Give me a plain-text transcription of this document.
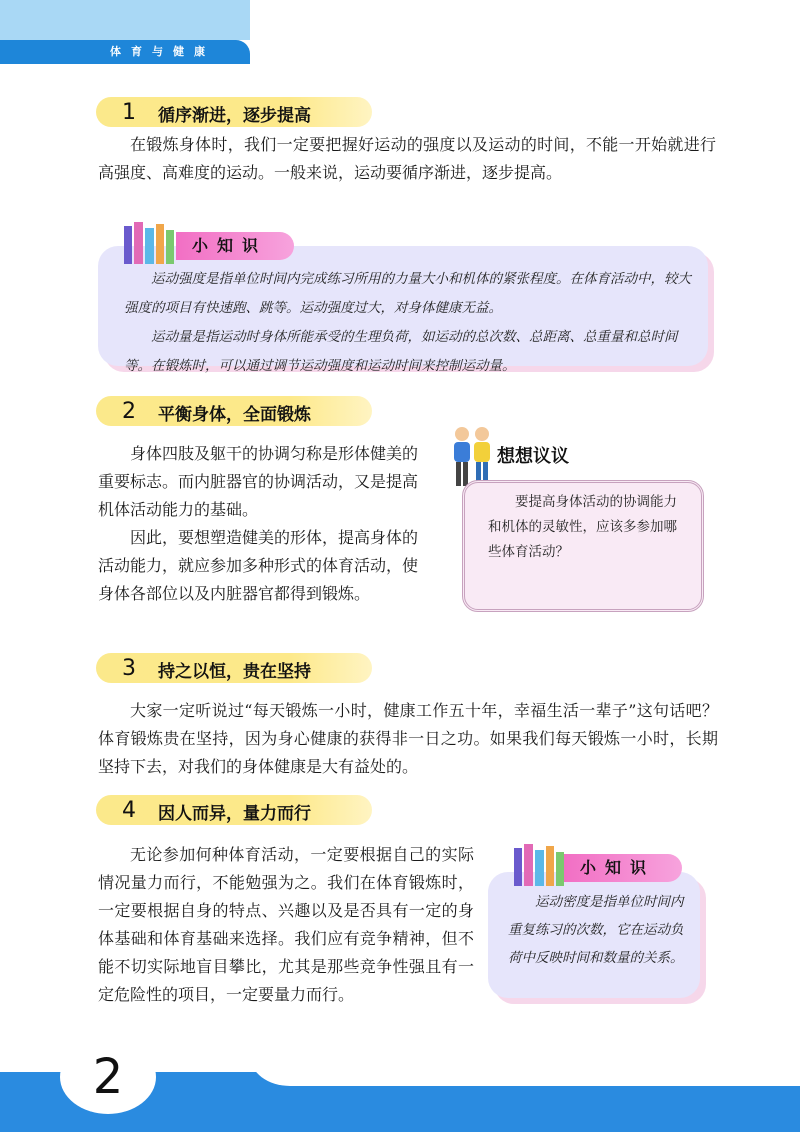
体育与健康
1 循序渐进，逐步提高

在锻炼身体时，我们一定要把握好运动的强度以及运动的时间，不能一开始就进行高强度、高难度的运动。一般来说，运动要循序渐进，逐步提高。

小知识

运动强度是指单位时间内完成练习所用的力量大小和机体的紧张程度。在体育活动中，较大强度的项目有快速跑、跳等。运动强度过大，对身体健康无益。

运动量是指运动时身体所能承受的生理负荷，如运动的总次数、总距离、总重量和总时间等。在锻炼时，可以通过调节运动强度和运动时间来控制运动量。

2 平衡身体，全面锻炼

身体四肢及躯干的协调匀称是形体健美的重要标志。而内脏器官的协调活动，又是提高机体活动能力的基础。

因此，要想塑造健美的形体，提高身体的活动能力，就应参加多种形式的体育活动，使身体各部位以及内脏器官都得到锻炼。

想想议议

要提高身体活动的协调能力和机体的灵敏性，应该多参加哪些体育活动？

3 持之以恒，贵在坚持

大家一定听说过“每天锻炼一小时，健康工作五十年，幸福生活一辈子”这句话吧？体育锻炼贵在坚持，因为身心健康的获得非一日之功。如果我们每天锻炼一小时，长期坚持下去，对我们的身体健康是大有益处的。

4 因人而异，量力而行

无论参加何种体育活动，一定要根据自己的实际情况量力而行，不能勉强为之。我们在体育锻炼时，一定要根据自身的特点、兴趣以及是否具有一定的身体基础和体育基础来选择。我们应有竞争精神，但不能不切实际地盲目攀比，尤其是那些竞争性强且有一定危险性的项目，一定要量力而行。

小知识

运动密度是指单位时间内重复练习的次数，它在运动负荷中反映时间和数量的关系。

2
